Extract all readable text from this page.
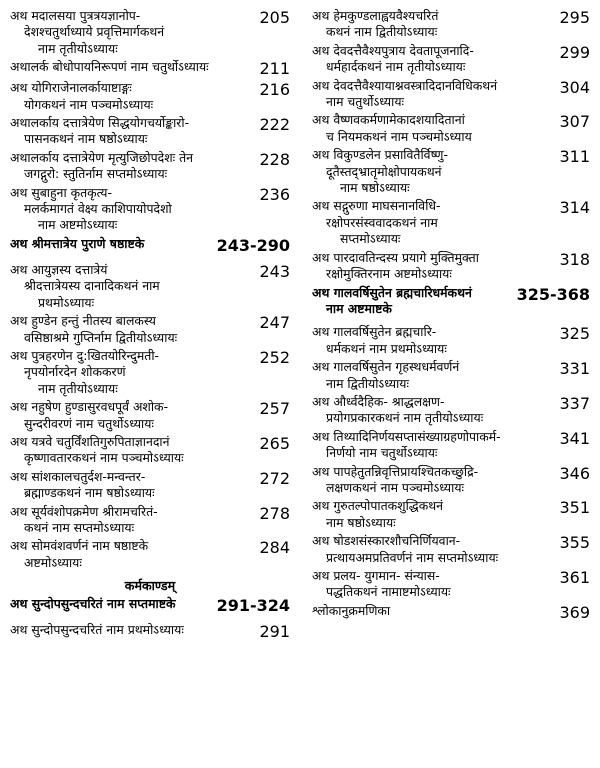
अथ मदालसया पुत्रत्रयज्ञानोप-
देशश्चतुर्थाध्याये प्रवृत्तिमार्गकथनं
नाम तृतीयोऽध्यायः
205
अथालर्क बोधोपायनिरूपणं नाम चतुर्थोऽध्यायः	211
अथ योगिराजेनालर्कायाष्टाङ्गः
योगकथनं नाम पञ्चमोऽध्यायः
216
अथालर्काय दत्तात्रेयेण सिद्धयोगचर्योङ्कारो-
पासनकथनं नाम षष्ठोऽध्यायः
222
अथालर्काय दत्तात्रेयेण मृत्युजिछोपदेशः तेन
जगद्गुरो: स्तुतिर्नाम सप्तमोऽध्यायः
228
अथ सुबाहुना कृतकृत्य-
मलर्कमागतं वेक्ष्य काशिपायोपदेशो
नाम अष्टमोऽध्यायः
236
अथ श्रीमत्तात्रेय पुराणे षष्ठाष्टके	243-290
अथ आयुज्ञस्य दत्तात्रेयं
श्रीदत्तात्रेयस्य दानादिकथनं नाम
प्रथमोऽध्यायः
243
अथ हुण्डेन हन्तुं नीतस्य बालकस्य
वसिष्ठाश्रमे गुप्तिर्नाम द्वितीयोऽध्यायः
247
अथ पुत्रहरणेन दु:खितयोरिन्दुमती-
नृपयोर्नारदेन शोककरणं
नाम तृतीयोऽध्यायः
252
अथ नहुषेण हुण्डासुरवधपूर्वं अशोक-
सुन्दरीवरणं नाम चतुर्थोऽध्यायः
257
अथ यत्रवे चतुर्विंशतिगुरुपिताज्ञानदानं
कृष्णावतारकथनं नाम पञ्चमोऽध्यायः
265
अथ सांशकालचतुर्दश-मन्वन्तर-
ब्रह्माण्डकथनं नाम षष्ठोऽध्यायः
272
अथ सूर्यवंशोपक्रमेण श्रीरामचरितं-
कथनं नाम सप्तमोऽध्यायः
278
अथ सोमवंशवर्णनं नाम षष्ठाष्टके
अष्टमोऽध्यायः
284
कर्मकाण्डम्
अथ सुन्दोपसुन्दचरितं नाम सप्तमाष्टके	291-324
अथ सुन्दोपसुन्दचरितं नाम प्रथमोऽध्यायः	291
अथ हेमकुण्डलाह्वयवैश्यचरितं
कथनं नाम द्वितीयोऽध्यायः
295
अथ देवदत्तैवैश्यपुत्राय देवतापूजनादि-
धर्महार्दकथनं नाम तृतीयोऽध्यायः
299
अथ देवदत्तैवैश्यायाश्नवस्त्रादिदानविधिकथनं
नाम चतुर्थोऽध्यायः
304
अथ वैष्णवकर्मणामेकादशयादितानां
च नियमकथनं नाम पञ्चमोऽध्याय
307
अथ विकुण्डलेन प्रसावितैर्विष्णु-
दूतैस्तद्भ्रातृमोक्षोपायकथनं
नाम षष्ठोऽध्यायः
311
अथ सद्गुरुणा माघसनानविधि-
रक्षोपरसंस्ववादकथनं नाम
सप्तमोऽध्यायः
314
अथ पारदावतिन्दस्य प्रयागे मुक्तिमुक्ता
रक्षोमुक्तिरनाम अष्टमोऽध्यायः
318
अथ गालवर्षिसुतेन ब्रह्मचारिधर्मकथनं
नाम अष्टमाष्टके
325-368
अथ गालवर्षिसुतेन ब्रह्मचारि-
धर्मकथनं नाम प्रथमोऽध्यायः
325
अथ गालवर्षिसुतेन गृहस्थधर्मवर्णनं
नाम द्वितीयोऽध्यायः
331
अथ और्ध्वदैहिक- श्राद्धलक्षण-
प्रयोगप्रकारकथनं नाम तृतीयोऽध्यायः
337
अथ तिथ्यादिनिर्णयसप्तासंख्याग्रहणोपाकर्म-
निर्णयो नाम चतुर्थोऽध्यायः
341
अथ पापहेतुतन्निवृत्तिप्रायश्चितकच्छुद्रि-
लक्षणकथनं नाम पञ्चमोऽध्यायः
346
अथ गुरुतल्पोपातकशुद्धिकथनं
नाम षष्ठोऽध्यायः
351
अथ षोडशसंस्कारशौचनिर्णियवान-
प्रत्थायअमप्रतिवर्णनं नाम सप्तमोऽध्यायः
355
अथ प्रलय- युगमान- संन्यास-
पद्धतिकथनं नामाष्टमोऽध्यायः
361
श्लोकानुक्रमणिका	369
